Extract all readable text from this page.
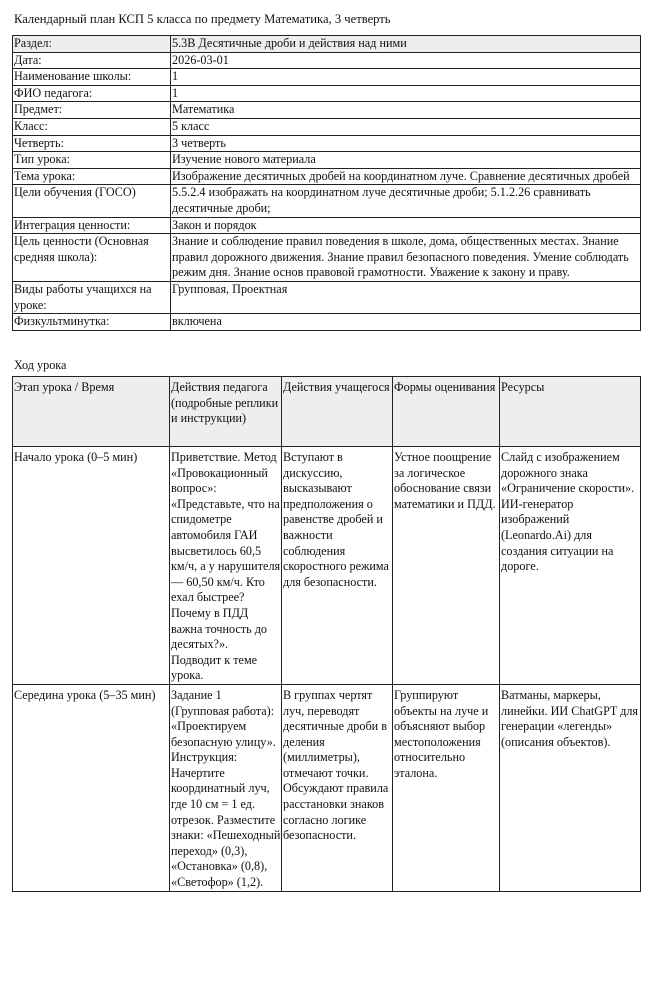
Календарный план КСП 5 класса по предмету Математика, 3 четверть
Раздел:	5.3В Десятичные дроби и действия над ними
Дата:	2026-03-01
Наименование школы:	1
ФИО педагога:	1
Предмет:	Математика
Класс:	5 класс
Четверть:	3 четверть
Тип урока:	Изучение нового материала
Тема урока:	Изображение десятичных дробей на координатном луче. Сравнение десятичных дробей
Цели обучения (ГОСО)	5.5.2.4 изображать на координатном луче десятичные дроби; 5.1.2.26 сравнивать десятичные дроби;
Интеграция ценности:	Закон и порядок
Цель ценности (Основная средняя школа):	Знание и соблюдение правил поведения в школе, дома, общественных местах. Знание правил дорожного движения. Знание правил безопасного поведения. Умение соблюдать режим дня. Знание основ правовой грамотности. Уважение к закону и праву.
Виды работы учащихся на уроке:	Групповая, Проектная
Физкультминутка:	включена
Ход урока
Этап урока / Время	Действия педагога (подробные реплики и инструкции)	Действия учащегося	Формы оценивания	Ресурсы
Начало урока (0–5 мин)	Приветствие. Метод «Провокационный вопрос»: «Представьте, что на спидометре автомобиля ГАИ высветилось 60,5 км/ч, а у нарушителя — 60,50 км/ч. Кто ехал быстрее? Почему в ПДД важна точность до десятых?». Подводит к теме урока.	Вступают в дискуссию, высказывают предположения о равенстве дробей и важности соблюдения скоростного режима для безопасности.	Устное поощрение за логическое обоснование связи математики и ПДД.	Слайд с изображением дорожного знака «Ограничение скорости». ИИ-генератор изображений (Leonardo.Ai) для создания ситуации на дороге.
Середина урока (5–35 мин)	Задание 1 (Групповая работа): «Проектируем безопасную улицу». Инструкция: Начертите координатный луч, где 10 см = 1 ед. отрезок. Разместите знаки: «Пешеходный переход» (0,3), «Остановка» (0,8), «Светофор» (1,2).	В группах чертят луч, переводят десятичные дроби в деления (миллиметры), отмечают точки. Обсуждают правила расстановки знаков согласно логике безопасности.	Группируют объекты на луче и объясняют выбор местоположения относительно эталона.	Ватманы, маркеры, линейки. ИИ ChatGPT для генерации «легенды» (описания объектов).
